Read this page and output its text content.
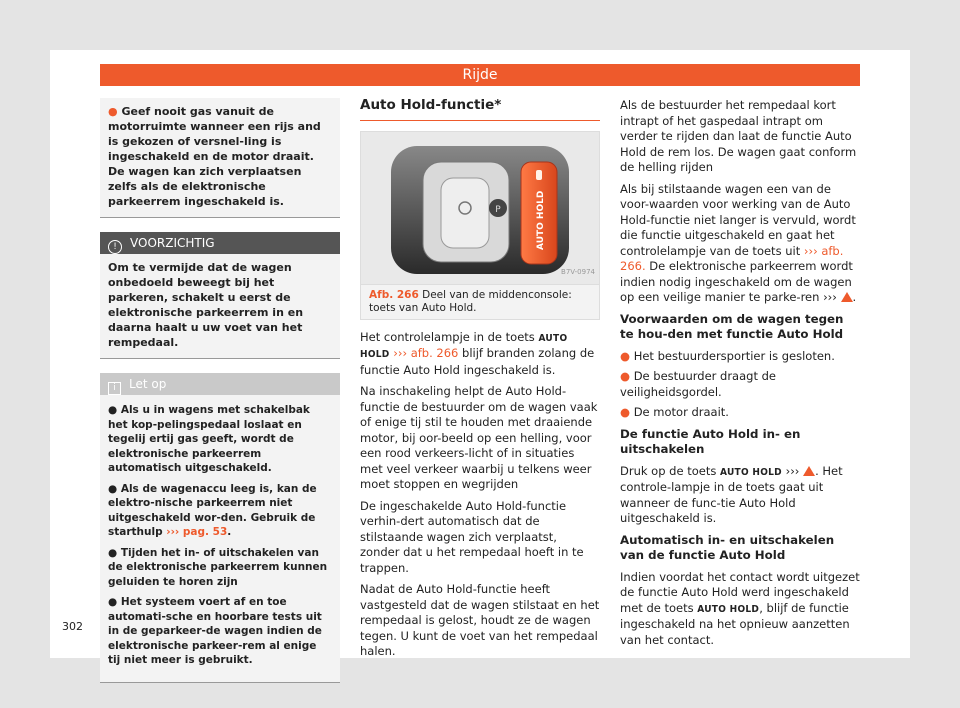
Rijde
● Geef nooit gas vanuit de motorruimte wanneer een rijs and is gekozen of versnel-ling is ingeschakeld en de motor draait. De wagen kan zich verplaatsen zelfs als de elektronische parkeerrem ingeschakeld is.
! VOORZICHTIG
Om te vermijde dat de wagen onbedoeld beweegt bij het parkeren, schakelt u eerst de elektronische parkeerrem in en daarna haalt u uw voet van het rempedaal.
i Let op

● Als u in wagens met schakelbak het kop-pelingspedaal loslaat en tegelij ertij gas geeft, wordt de elektronische parkeerrem automatisch uitgeschakeld.

● Als de wagenaccu leeg is, kan de elektro-nische parkeerrem niet uitgeschakeld wor-den. Gebruik de starthulp ››› pag. 53.

● Tijden het in- of uitschakelen van de elektronische parkeerrem kunnen geluiden te horen zijn

● Het systeem voert af en toe automati-sche en hoorbare tests uit in de geparkeer-de wagen indien de elektronische parkeer-rem al enige tij niet meer is gebruikt.

Auto Hold-functie*
P	AUTO HOLD
B7V-0974
Afb. 266 Deel van de middenconsole: toets van Auto Hold.

Het controlelampje in de toets AUTO HOLD ››› afb. 266 blijf branden zolang de functie Auto Hold ingeschakeld is.

Na inschakeling helpt de Auto Hold-functie de bestuurder om de wagen vaak of enige tij stil te houden met draaiende motor, bij oor-beeld op een helling, voor een rood verkeers-licht of in situaties met veel verkeer waarbij u telkens weer moet stoppen en wegrijden

De ingeschakelde Auto Hold-functie verhin-dert automatisch dat de stilstaande wagen zich verplaatst, zonder dat u het rempedaal hoeft in te trappen.

Nadat de Auto Hold-functie heeft vastgesteld dat de wagen stilstaat en het rempedaal is gelost, houdt ze de wagen tegen. U kunt de voet van het rempedaal halen.

Als de bestuurder het rempedaal kort intrapt of het gaspedaal intrapt om verder te rijden dan laat de functie Auto Hold de rem los. De wagen gaat conform de helling rijden

Als bij stilstaande wagen een van de voor-waarden voor werking van de Auto Hold-functie niet langer is vervuld, wordt die functie uitgeschakeld en gaat het controlelampje van de toets uit ››› afb. 266. De elektronische parkeerrem wordt indien nodig ingeschakeld om de wagen op een veilige manier te parke-ren ››› .

Voorwaarden om de wagen tegen te hou-den met functie Auto Hold
● Het bestuurdersportier is gesloten.
● De bestuurder draagt de veiligheidsgordel.
● De motor draait.
De functie Auto Hold in- en uitschakelen

Druk op de toets AUTO HOLD ››› . Het controle-lampje in de toets gaat uit wanneer de func-tie Auto Hold uitgeschakeld is.

Automatisch in- en uitschakelen van de functie Auto Hold

Indien voordat het contact wordt uitgezet de functie Auto Hold werd ingeschakeld met de toets AUTO HOLD, blijf de functie ingeschakeld na het opnieuw aanzetten van het contact.

302
